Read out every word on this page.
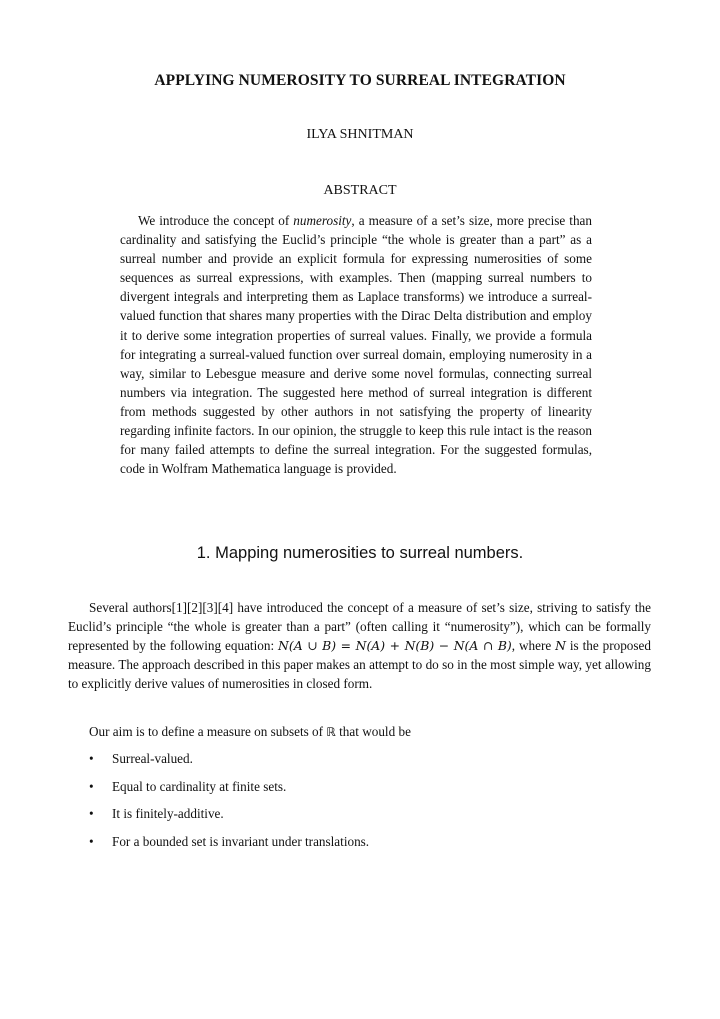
APPLYING NUMEROSITY TO SURREAL INTEGRATION
ILYA SHNITMAN
ABSTRACT

We introduce the concept of numerosity, a measure of a set’s size, more precise than cardinality and satisfying the Euclid’s principle “the whole is greater than a part” as a surreal number and provide an explicit formula for expressing numerosities of some sequences as surreal expressions, with examples. Then (mapping surreal numbers to divergent integrals and interpreting them as Laplace transforms) we introduce a surreal-valued function that shares many properties with the Dirac Delta distribution and employ it to derive some integration properties of surreal values. Finally, we provide a formula for integrating a surreal-valued function over surreal domain, employing numerosity in a way, similar to Lebesgue measure and derive some novel formulas, connecting surreal numbers via integration. The suggested here method of surreal integration is different from methods suggested by other authors in not satisfying the property of linearity regarding infinite factors. In our opinion, the struggle to keep this rule intact is the reason for many failed attempts to define the surreal integration. For the suggested formulas, code in Wolfram Mathematica language is provided.

1. Mapping numerosities to surreal numbers.

Several authors[1][2][3][4] have introduced the concept of a measure of set’s size, striving to satisfy the Euclid’s principle “the whole is greater than a part” (often calling it “numerosity”), which can be formally represented by the following equation: N(A ∪ B) = N(A) + N(B) − N(A ∩ B), where N is the proposed measure. The approach described in this paper makes an attempt to do so in the most simple way, yet allowing to explicitly derive values of numerosities in closed form.

Our aim is to define a measure on subsets of ℝ that would be

• Surreal-valued.
• Equal to cardinality at finite sets.
• It is finitely-additive.
• For a bounded set is invariant under translations.
